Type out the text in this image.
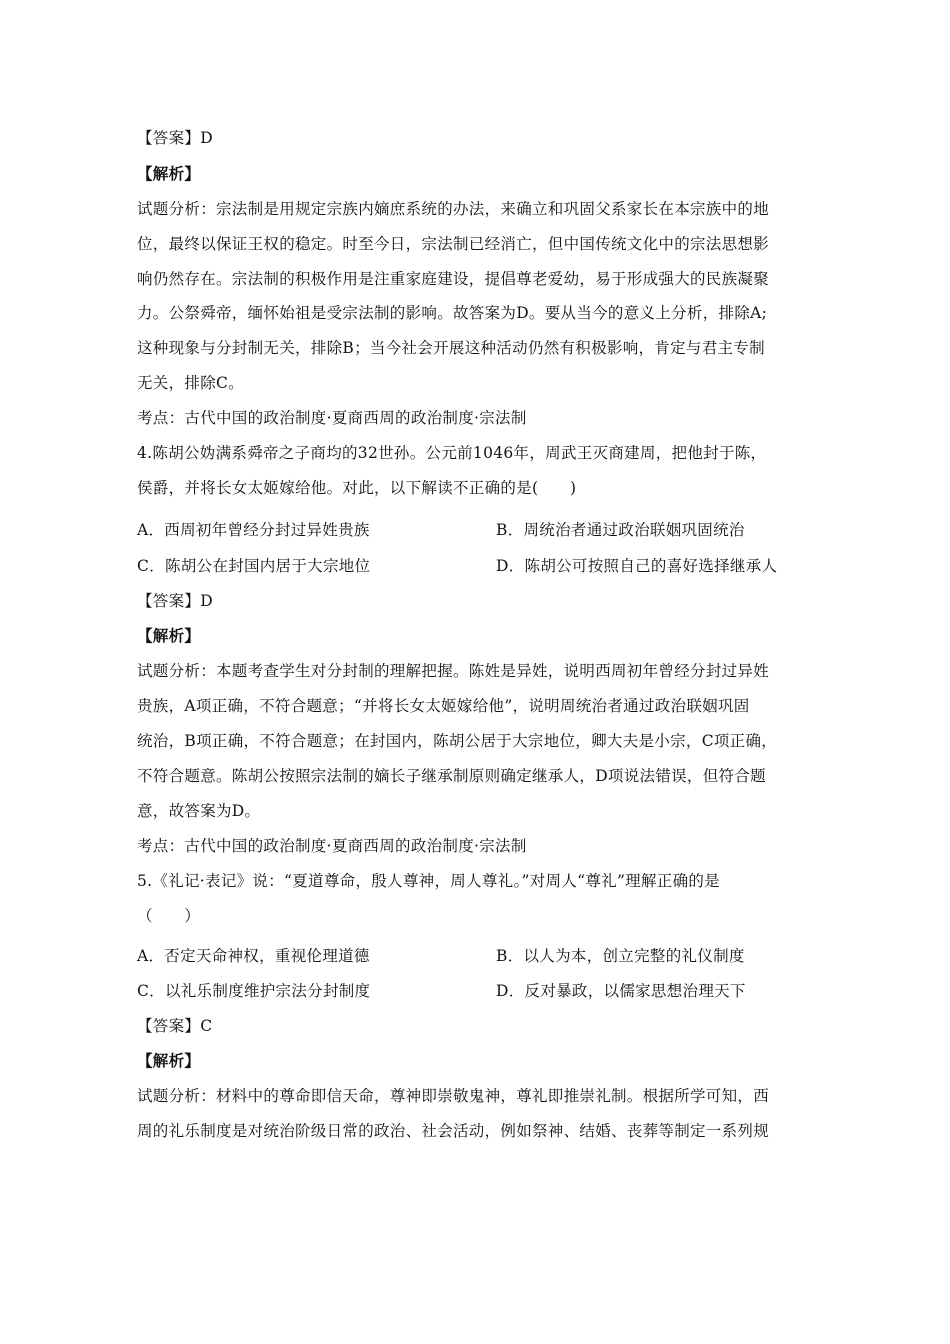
【答案】D
【解析】
试题分析：宗法制是用规定宗族内嫡庶系统的办法，来确立和巩固父系家长在本宗族中的地
位，最终以保证王权的稳定。时至今日，宗法制已经消亡，但中国传统文化中的宗法思想影
响仍然存在。宗法制的积极作用是注重家庭建设，提倡尊老爱幼，易于形成强大的民族凝聚
力。公祭舜帝，缅怀始祖是受宗法制的影响。故答案为D。要从当今的意义上分析，排除A;
这种现象与分封制无关，排除B；当今社会开展这种活动仍然有积极影响，肯定与君主专制
无关，排除C。
考点：古代中国的政治制度·夏商西周的政治制度·宗法制
4.陈胡公妫满系舜帝之子商均的32世孙。公元前1046年，周武王灭商建周，把他封于陈，
侯爵，并将长女太姬嫁给他。对此，以下解读不正确的是(　　)
A．西周初年曾经分封过异姓贵族	B．周统治者通过政治联姻巩固统治
C．陈胡公在封国内居于大宗地位	D．陈胡公可按照自己的喜好选择继承人
【答案】D
【解析】
试题分析：本题考查学生对分封制的理解把握。陈姓是异姓，说明西周初年曾经分封过异姓
贵族，A项正确，不符合题意；“并将长女太姬嫁给他”，说明周统治者通过政治联姻巩固
统治，B项正确，不符合题意；在封国内，陈胡公居于大宗地位，卿大夫是小宗，C项正确，
不符合题意。陈胡公按照宗法制的嫡长子继承制原则确定继承人，D项说法错误，但符合题
意，故答案为D。
考点：古代中国的政治制度·夏商西周的政治制度·宗法制
5.《礼记·表记》说：“夏道尊命，殷人尊神，周人尊礼。”对周人“尊礼”理解正确的是
（　　）
A．否定天命神权，重视伦理道德	B．以人为本，创立完整的礼仪制度
C．以礼乐制度维护宗法分封制度	D．反对暴政，以儒家思想治理天下
【答案】C
【解析】
试题分析：材料中的尊命即信天命，尊神即崇敬鬼神，尊礼即推崇礼制。根据所学可知，西
周的礼乐制度是对统治阶级日常的政治、社会活动，例如祭神、结婚、丧葬等制定一系列规
